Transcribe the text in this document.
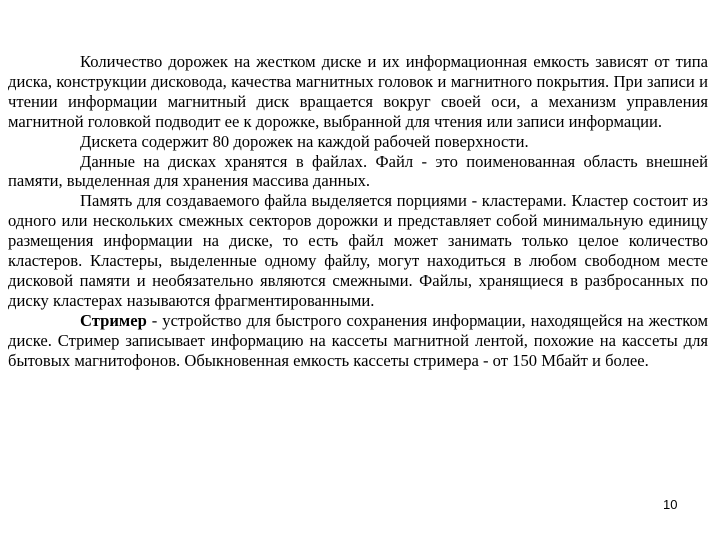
Количество дорожек на жестком диске и их информационная емкость зависят от типа диска, конструкции дисковода, качества магнитных головок и магнитного покрытия. При записи и чтении информации магнитный диск вращается вокруг своей оси, а механизм управления магнитной головкой подводит ее к дорожке, выбранной для чтения или записи информации.

Дискета содержит 80 дорожек на каждой рабочей поверхности.

Данные на дисках хранятся в файлах. Файл - это поименованная область внешней памяти, выделенная для хранения массива данных.

Память для создаваемого файла выделяется порциями - кластерами. Кластер состоит из одного или нескольких смежных секторов дорожки и представляет собой минимальную единицу размещения информации на диске, то есть файл может занимать только целое количество кластеров. Кластеры, выделенные одному файлу, могут находиться в любом свободном месте дисковой памяти и необязательно являются смежными. Файлы, хранящиеся в разбросанных по диску кластерах называются фрагментированными.

Стример - устройство для быстрого сохранения информации, находящейся на жестком диске. Стример записывает информацию на кассеты магнитной лентой, похожие на кассеты для бытовых магнитофонов. Обыкновенная емкость кассеты стримера - от 150 Мбайт и более.

10
